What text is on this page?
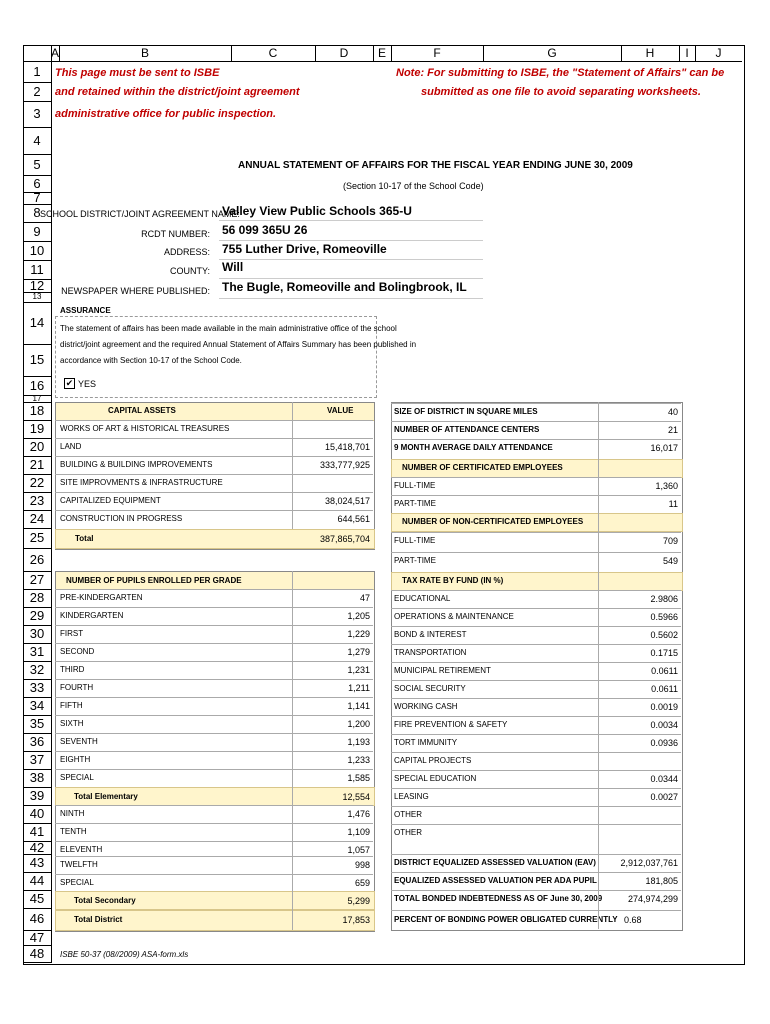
A	B	C	D	E	F	G	H	I	J
1
2
3
4
5
6
7
8
9
10
11
12
13
14
15
16
17
18
19
20
21
22
23
24
25
26
27
28
29
30
31
32
33
34
35
36
37
38
39
40
41
42
43
44
45
46
47
48
This page must be sent to ISBE
and retained within the district/joint agreement
administrative office for public inspection.
Note: For submitting to ISBE, the "Statement of Affairs" can be
submitted as one file to avoid separating worksheets.
ANNUAL STATEMENT OF AFFAIRS FOR THE FISCAL YEAR ENDING JUNE 30, 2009
(Section 10-17 of the School Code)
SCHOOL DISTRICT/JOINT AGREEMENT NAME:
Valley View Public Schools 365-U
RCDT NUMBER: 56 099 365U 26
ADDRESS: 755 Luther Drive, Romeoville
COUNTY: Will
NEWSPAPER WHERE PUBLISHED: The Bugle, Romeoville and Bolingbrook, IL
ASSURANCE
The statement of affairs has been made available in the main administrative office of the school
district/joint agreement and the required Annual Statement of Affairs Summary has been published in
accordance with Section 10-17 of the School Code.
✔ YES
CAPITAL ASSETS	VALUE
WORKS OF ART & HISTORICAL TREASURES
LAND	15,418,701
BUILDING & BUILDING IMPROVEMENTS	333,777,925
SITE IMPROVMENTS & INFRASTRUCTURE
CAPITALIZED EQUIPMENT	38,024,517
CONSTRUCTION IN PROGRESS	644,561
Total	387,865,704
NUMBER OF PUPILS ENROLLED PER GRADE
PRE-KINDERGARTEN	47
KINDERGARTEN	1,205
FIRST	1,229
SECOND	1,279
THIRD	1,231
FOURTH	1,211
FIFTH	1,141
SIXTH	1,200
SEVENTH	1,193
EIGHTH	1,233
SPECIAL	1,585
Total Elementary	12,554
NINTH	1,476
TENTH	1,109
ELEVENTH	1,057
TWELFTH	998
SPECIAL	659
Total Secondary	5,299
Total District	17,853
SIZE OF DISTRICT IN SQUARE MILES	40
NUMBER OF ATTENDANCE CENTERS	21
9 MONTH AVERAGE DAILY ATTENDANCE	16,017
NUMBER OF CERTIFICATED EMPLOYEES
FULL-TIME	1,360
PART-TIME	11
NUMBER OF NON-CERTIFICATED EMPLOYEES
FULL-TIME	709
PART-TIME	549
TAX RATE BY FUND (IN %)
EDUCATIONAL	2.9806
OPERATIONS & MAINTENANCE	0.5966
BOND & INTEREST	0.5602
TRANSPORTATION	0.1715
MUNICIPAL RETIREMENT	0.0611
SOCIAL SECURITY	0.0611
WORKING CASH	0.0019
FIRE PREVENTION & SAFETY	0.0034
TORT IMMUNITY	0.0936
CAPITAL PROJECTS
SPECIAL EDUCATION	0.0344
LEASING	0.0027
OTHER
OTHER
DISTRICT EQUALIZED ASSESSED VALUATION (EAV)	2,912,037,761
EQUALIZED ASSESSED VALUATION PER ADA PUPIL	181,805
TOTAL BONDED INDEBTEDNESS AS OF June 30, 2009	274,974,299
PERCENT OF BONDING POWER OBLIGATED CURRENTLY 0.68
ISBE 50-37 (08//2009) ASA-form.xls
